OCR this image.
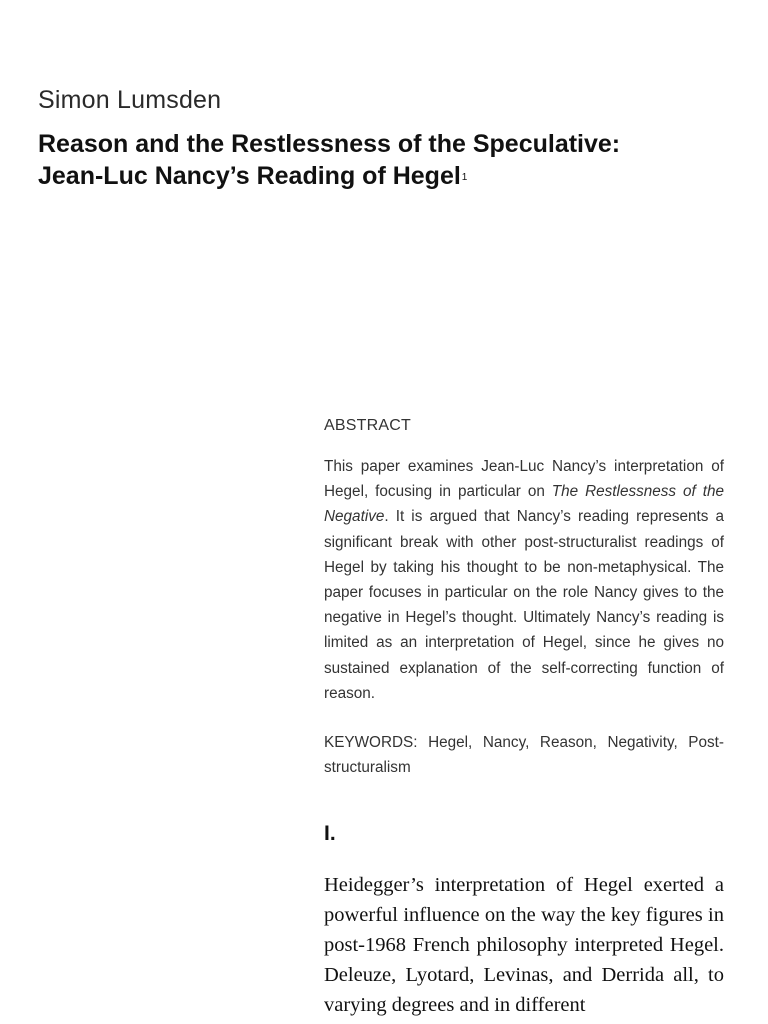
Simon Lumsden
Reason and the Restlessness of the Speculative:
Jean-Luc Nancy’s Reading of Hegel$^1$
ABSTRACT

This paper examines Jean-Luc Nancy’s interpretation of Hegel, focusing in particular on The Restlessness of the Negative. It is argued that Nancy’s reading represents a significant break with other post-structuralist readings of Hegel by taking his thought to be non-metaphysical. The paper focuses in particular on the role Nancy gives to the negative in Hegel’s thought. Ultimately Nancy’s reading is limited as an interpretation of Hegel, since he gives no sustained explanation of the self-correcting function of reason.

KEYWORDS: Hegel, Nancy, Reason, Negativity, Post-structuralism

I.

Heidegger’s interpretation of Hegel exerted a powerful influence on the way the key figures in post-1968 French philosophy interpreted Hegel. Deleuze, Lyotard, Levinas, and Derrida all, to varying degrees and in different
